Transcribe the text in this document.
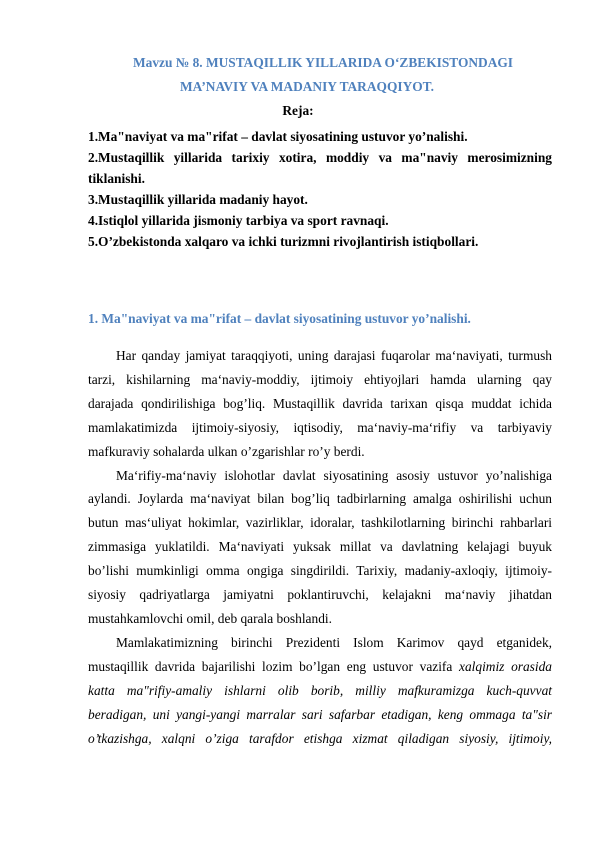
Mavzu № 8. MUSTAQILLIK YILLARIDA O‘ZBEKISTONDAGI
MA’NAVIY VA MADANIY TARAQQIYOT.
Reja:
1.Ma"naviyat va ma"rifat – davlat siyosatining ustuvor yo’nalishi.
2.Mustaqillik yillarida tarixiy xotira, moddiy va ma"naviy merosimizning
tiklanishi.
3.Mustaqillik yillarida madaniy hayot.
4.Istiqlol yillarida jismoniy tarbiya va sport ravnaqi.
5.O’zbekistonda xalqaro va ichki turizmni rivojlantirish istiqbollari.
1. Ma"naviyat va ma"rifat – davlat siyosatining ustuvor yo’nalishi.
Har qanday jamiyat taraqqiyoti, uning darajasi fuqarolar ma‘naviyati, turmush
tarzi, kishilarning ma‘naviy-moddiy, ijtimoiy ehtiyojlari hamda ularning qay
darajada qondirilishiga bog’liq. Mustaqillik davrida tarixan qisqa muddat ichida
mamlakatimizda ijtimoiy-siyosiy, iqtisodiy, ma‘naviy-ma‘rifiy va tarbiyaviy
mafkuraviy sohalarda ulkan o’zgarishlar ro’y berdi.
Ma‘rifiy-ma‘naviy islohotlar davlat siyosatining asosiy ustuvor yo’nalishiga
aylandi. Joylarda ma‘naviyat bilan bog’liq tadbirlarning amalga oshirilishi uchun
butun mas‘uliyat hokimlar, vazirliklar, idoralar, tashkilotlarning birinchi rahbarlari
zimmasiga yuklatildi. Ma‘naviyati yuksak millat va davlatning kelajagi buyuk
bo’lishi mumkinligi omma ongiga singdirildi. Tarixiy, madaniy-axloqiy, ijtimoiy-
siyosiy qadriyatlarga jamiyatni poklantiruvchi, kelajakni ma‘naviy jihatdan
mustahkamlovchi omil, deb qarala boshlandi.
Mamlakatimizning birinchi Prezidenti Islom Karimov qayd etganidek,
mustaqillik davrida bajarilishi lozim bo’lgan eng ustuvor vazifa xalqimiz orasida
katta ma"rifiy-amaliy ishlarni olib borib, milliy mafkuramizga kuch-quvvat
beradigan, uni yangi-yangi marralar sari safarbar etadigan, keng ommaga ta"sir
o’tkazishga, xalqni o’ziga tarafdor etishga xizmat qiladigan siyosiy, ijtimoiy,
